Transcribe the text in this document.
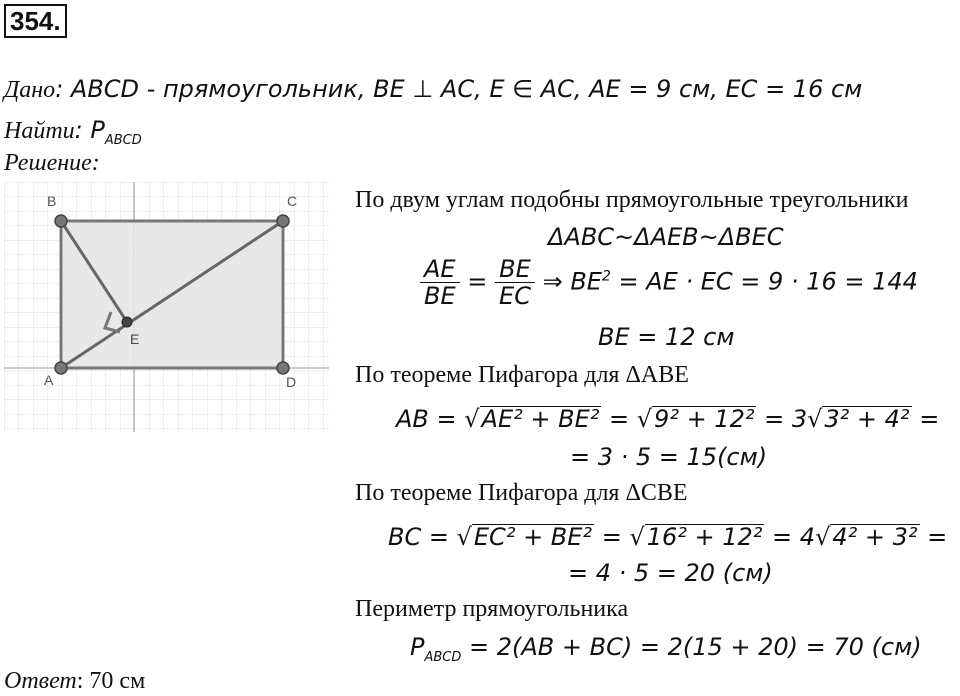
354.
Дано: ABCD - прямоугольник, BE ⊥ AC, E ∈ AC, AE = 9 см, EC = 16 см
Найти: $P_{ABCD}$
Решение:
B	C
A	D
E
По двум углам подобны прямоугольные треугольники
ΔABC~ΔAEB~ΔBEC
$\frac{AE}{BE} = \frac{BE}{EC}$ ⇒ $BE^2$ = AE · EC = 9 · 16 = 144
BE = 12 см
По теореме Пифагора для ΔABE
AB = √AE² + BE² = √9² + 12² = 3√3² + 4² =
= 3 · 5 = 15(см)
По теореме Пифагора для ΔCBE
BC = √EC² + BE² = √16² + 12² = 4√4² + 3² =
= 4 · 5 = 20 (см)
Периметр прямоугольника
$P_{ABCD} = 2(AB + BC) = 2(15 + 20) = 70$ (см)
Ответ: 70 см
